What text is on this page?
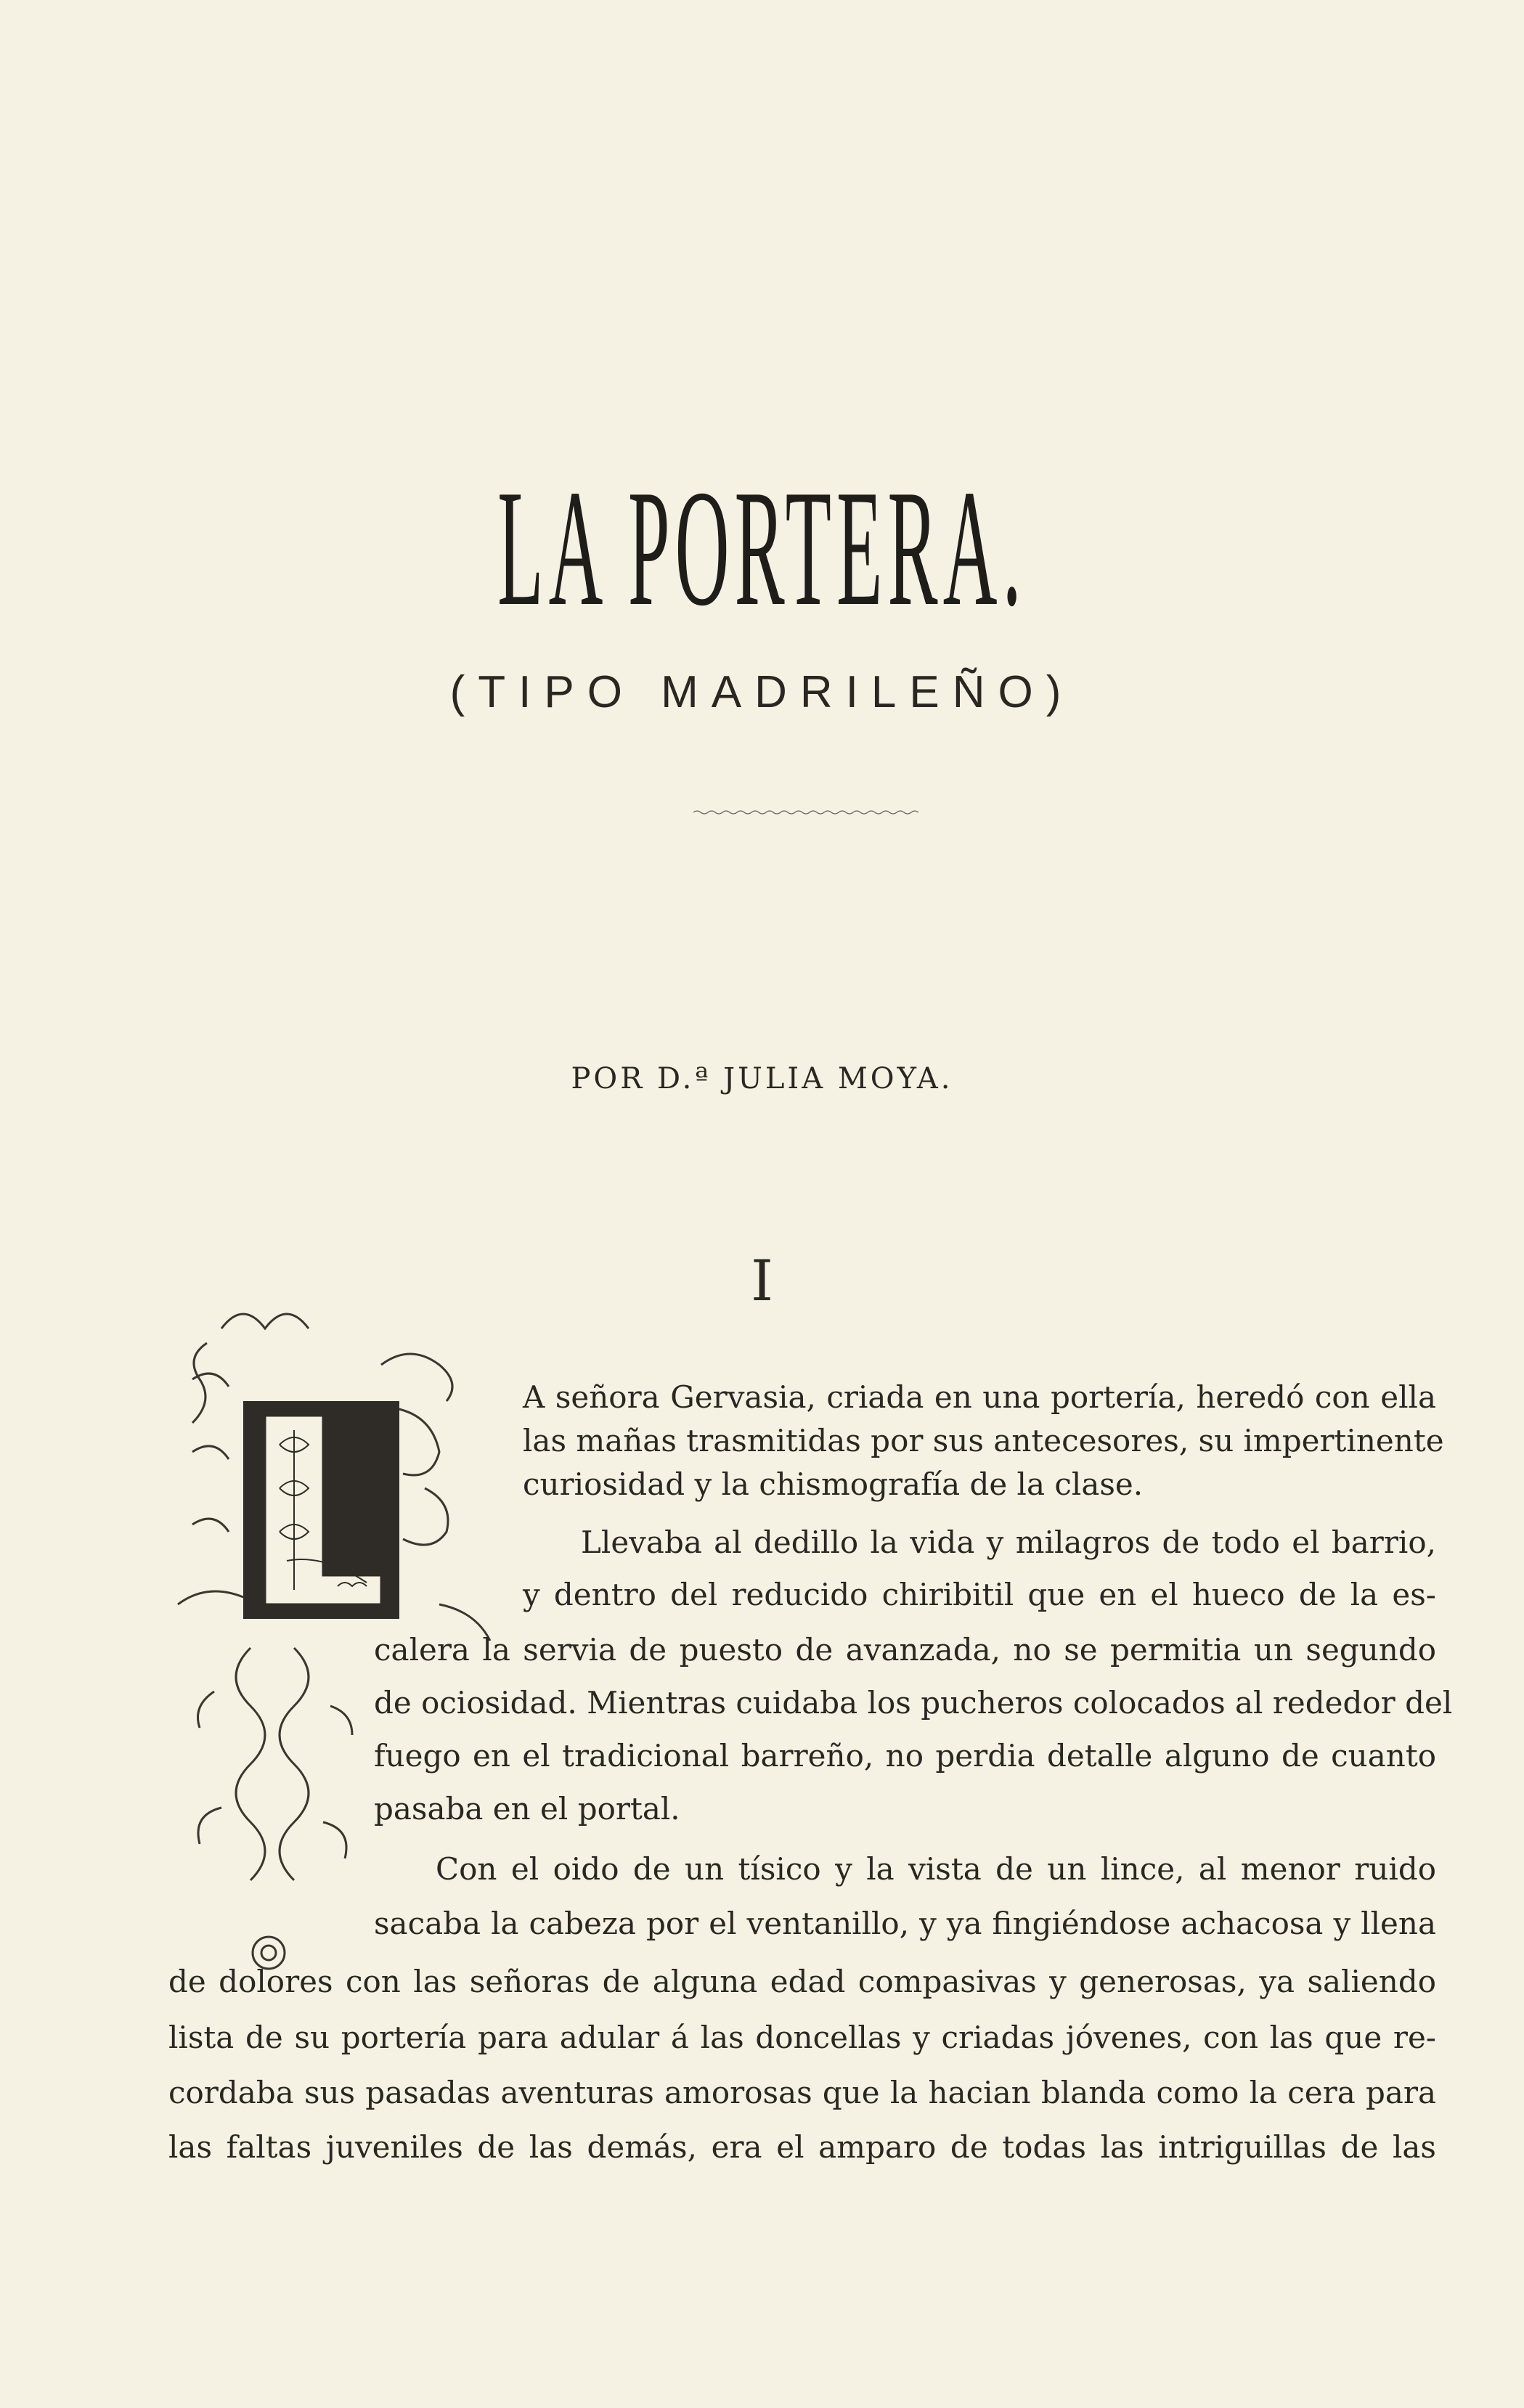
LA PORTERA.
(TIPO MADRILEÑO)
POR D.ª JULIA MOYA.
I
L
A señora Gervasia, criada en una portería, heredó con ella
las mañas trasmitidas por sus antecesores, su impertinente
curiosidad y la chismografía de la clase.
Llevaba al dedillo la vida y milagros de todo el barrio,
y dentro del reducido chiribitil que en el hueco de la es-
calera la servia de puesto de avanzada, no se permitia un segundo
de ociosidad. Mientras cuidaba los pucheros colocados al rededor del
fuego en el tradicional barreño, no perdia detalle alguno de cuanto
pasaba en el portal.
Con el oido de un tísico y la vista de un lince, al menor ruido
sacaba la cabeza por el ventanillo, y ya fingiéndose achacosa y llena
de dolores con las señoras de alguna edad compasivas y generosas, ya saliendo
lista de su portería para adular á las doncellas y criadas jóvenes, con las que re-
cordaba sus pasadas aventuras amorosas que la hacian blanda como la cera para
las faltas juveniles de las demás, era el amparo de todas las intriguillas de las
